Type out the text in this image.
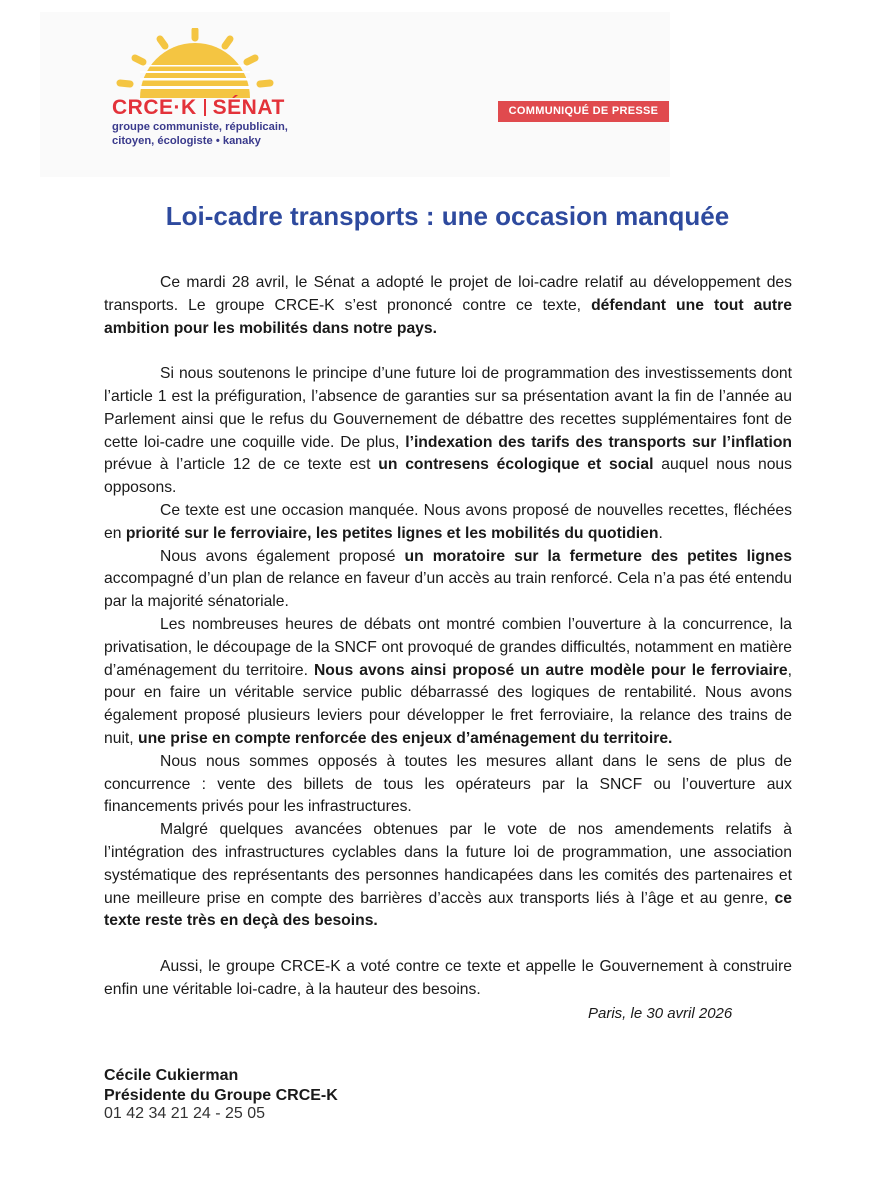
CRCE·K SÉNAT
groupe communiste, républicain,
citoyen, écologiste • kanaky
COMMUNIQUÉ DE PRESSE
Loi-cadre transports : une occasion manquée

Ce mardi 28 avril, le Sénat a adopté le projet de loi-cadre relatif au développement des transports. Le groupe CRCE-K s’est prononcé contre ce texte, défendant une tout autre ambition pour les mobilités dans notre pays.

Si nous soutenons le principe d’une future loi de programmation des investissements dont l’article 1 est la préfiguration, l’absence de garanties sur sa présentation avant la fin de l’année au Parlement ainsi que le refus du Gouvernement de débattre des recettes supplémentaires font de cette loi-cadre une coquille vide. De plus, l’indexation des tarifs des transports sur l’inflation prévue à l’article 12 de ce texte est un contresens écologique et social auquel nous nous opposons.

Ce texte est une occasion manquée. Nous avons proposé de nouvelles recettes, fléchées en priorité sur le ferroviaire, les petites lignes et les mobilités du quotidien.

Nous avons également proposé un moratoire sur la fermeture des petites lignes accompagné d’un plan de relance en faveur d’un accès au train renforcé. Cela n’a pas été entendu par la majorité sénatoriale.

Les nombreuses heures de débats ont montré combien l’ouverture à la concurrence, la privatisation, le découpage de la SNCF ont provoqué de grandes difficultés, notamment en matière d’aménagement du territoire. Nous avons ainsi proposé un autre modèle pour le ferroviaire, pour en faire un véritable service public débarrassé des logiques de rentabilité. Nous avons également proposé plusieurs leviers pour développer le fret ferroviaire, la relance des trains de nuit, une prise en compte renforcée des enjeux d’aménagement du territoire.

Nous nous sommes opposés à toutes les mesures allant dans le sens de plus de concurrence : vente des billets de tous les opérateurs par la SNCF ou l’ouverture aux financements privés pour les infrastructures.

Malgré quelques avancées obtenues par le vote de nos amendements relatifs à l’intégration des infrastructures cyclables dans la future loi de programmation, une association systématique des représentants des personnes handicapées dans les comités des partenaires et une meilleure prise en compte des barrières d’accès aux transports liés à l’âge et au genre, ce texte reste très en deçà des besoins.

Aussi, le groupe CRCE-K a voté contre ce texte et appelle le Gouvernement à construire enfin une véritable loi-cadre, à la hauteur des besoins.

Paris, le 30 avril 2026
Cécile Cukierman
Présidente du Groupe CRCE-K
01 42 34 21 24 - 25 05
